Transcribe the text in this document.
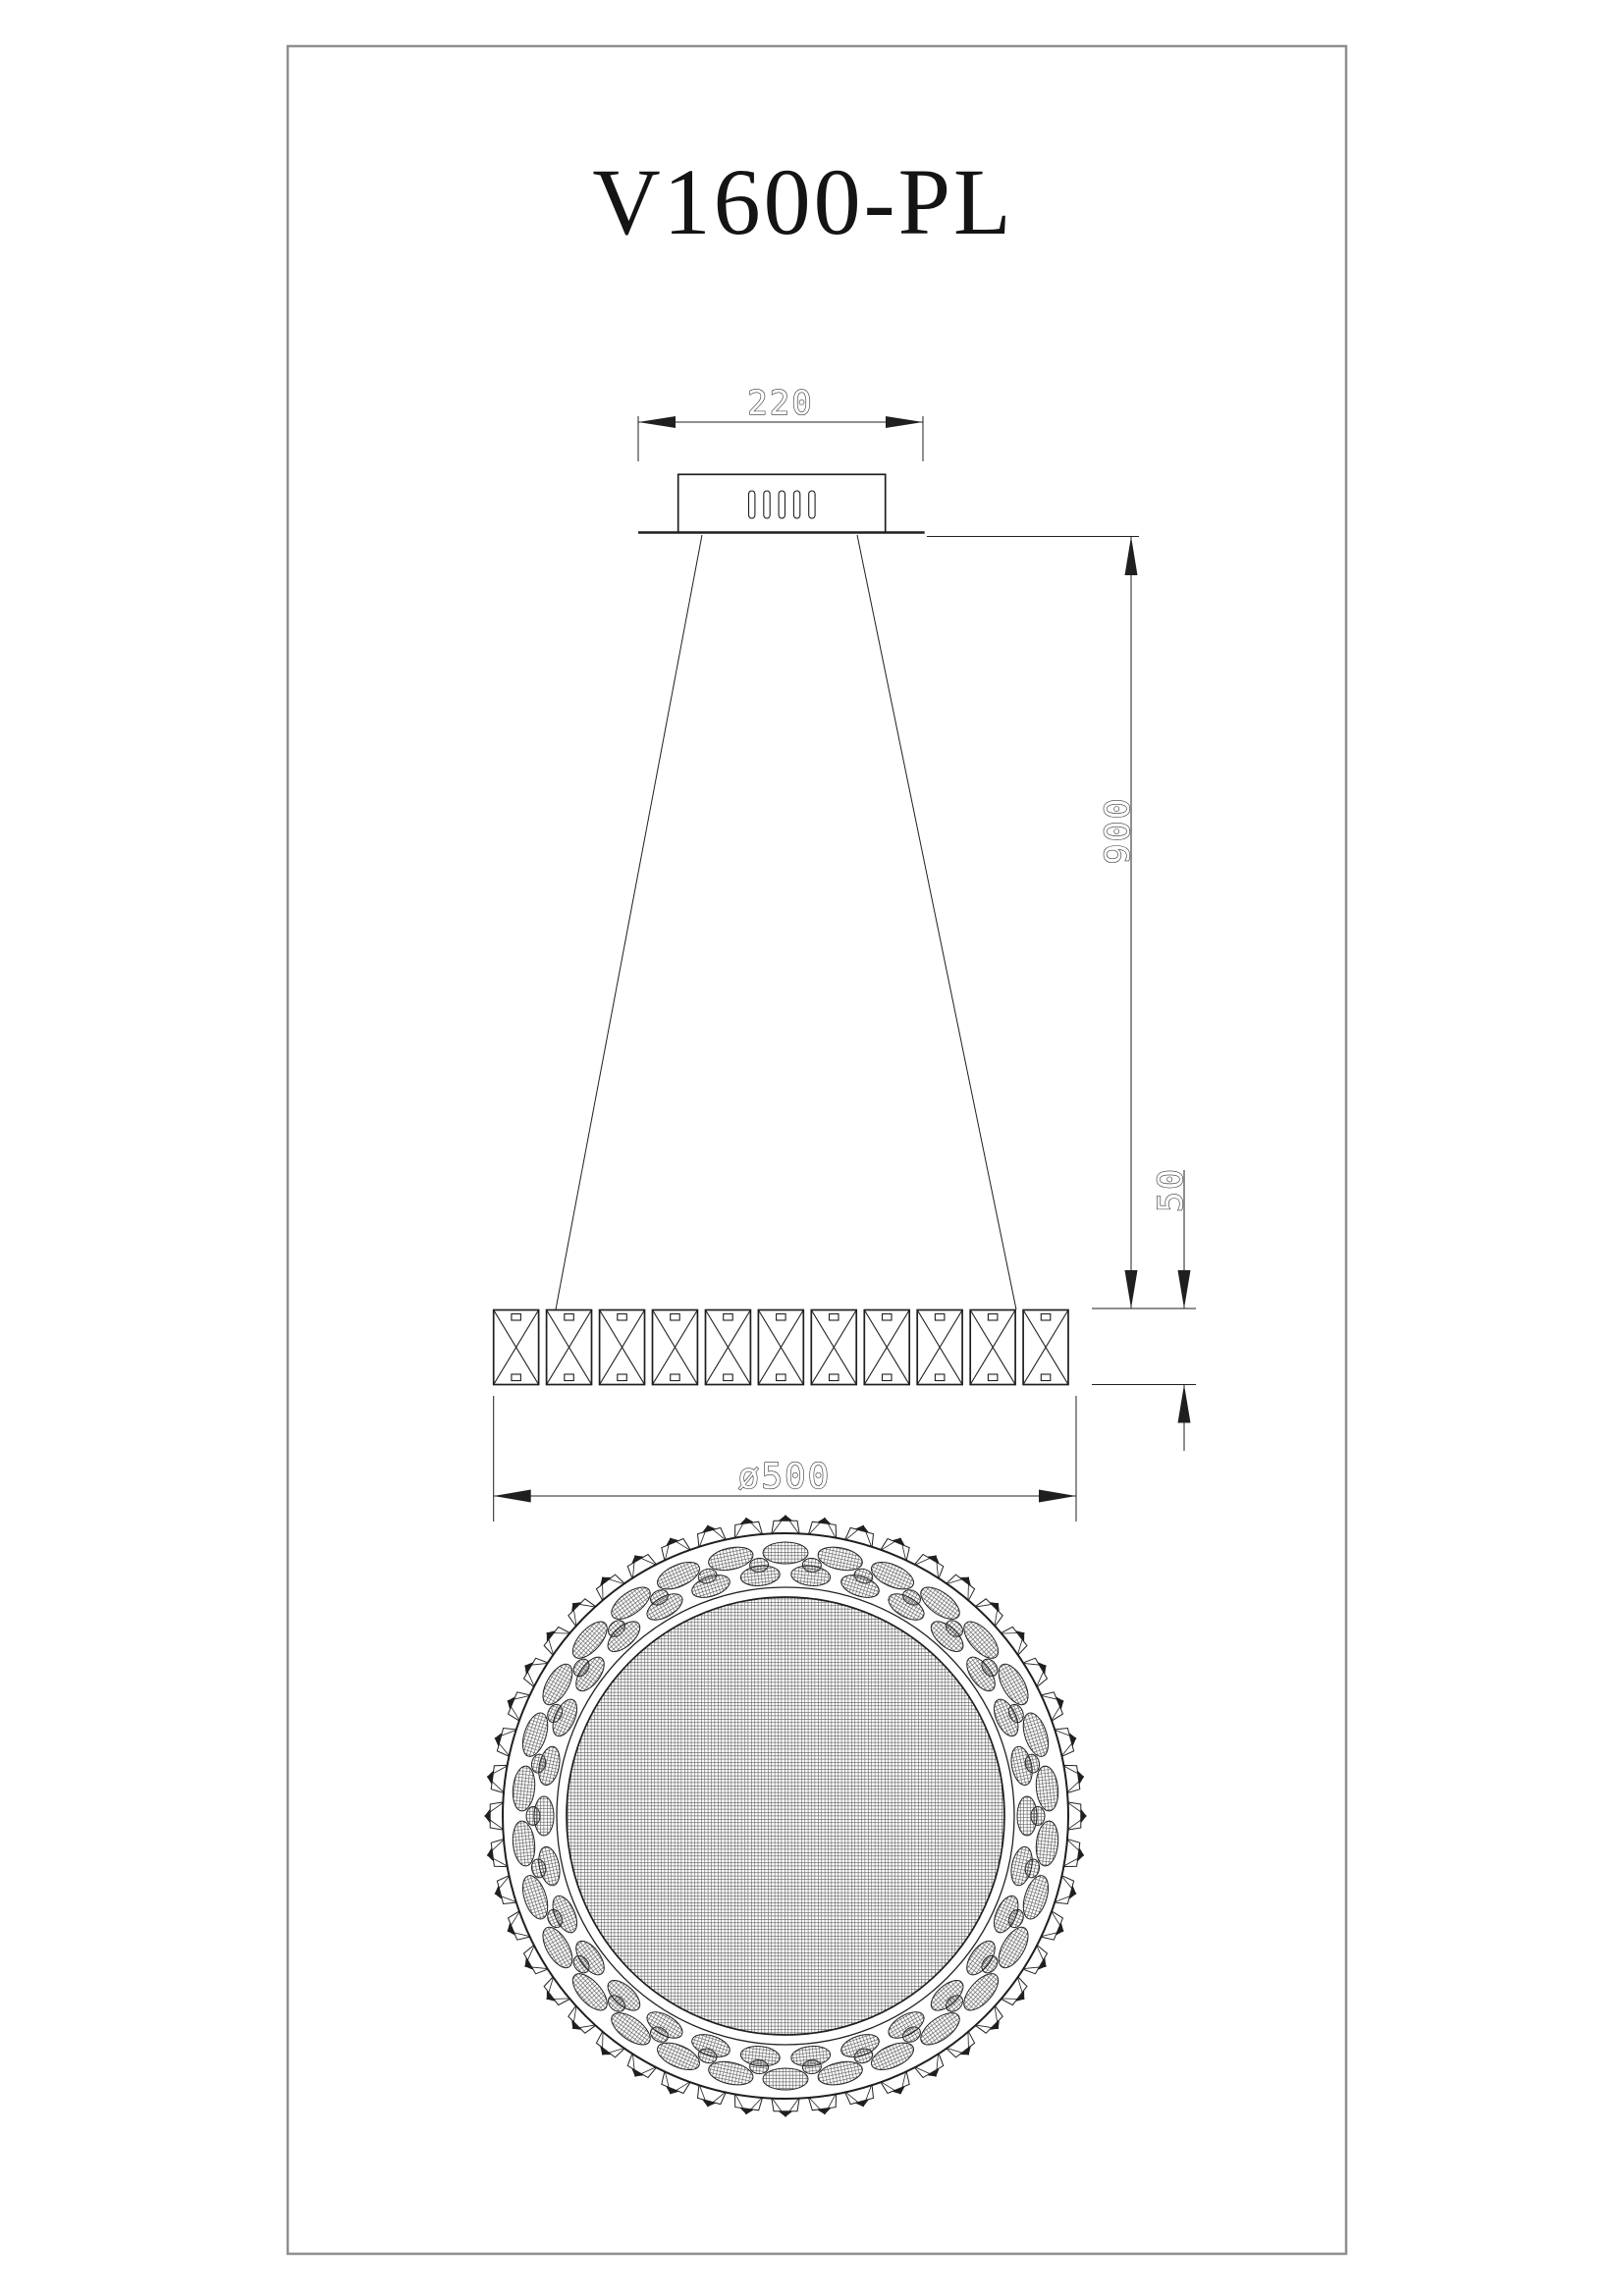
V1600-PL
220
900
50
ø500
